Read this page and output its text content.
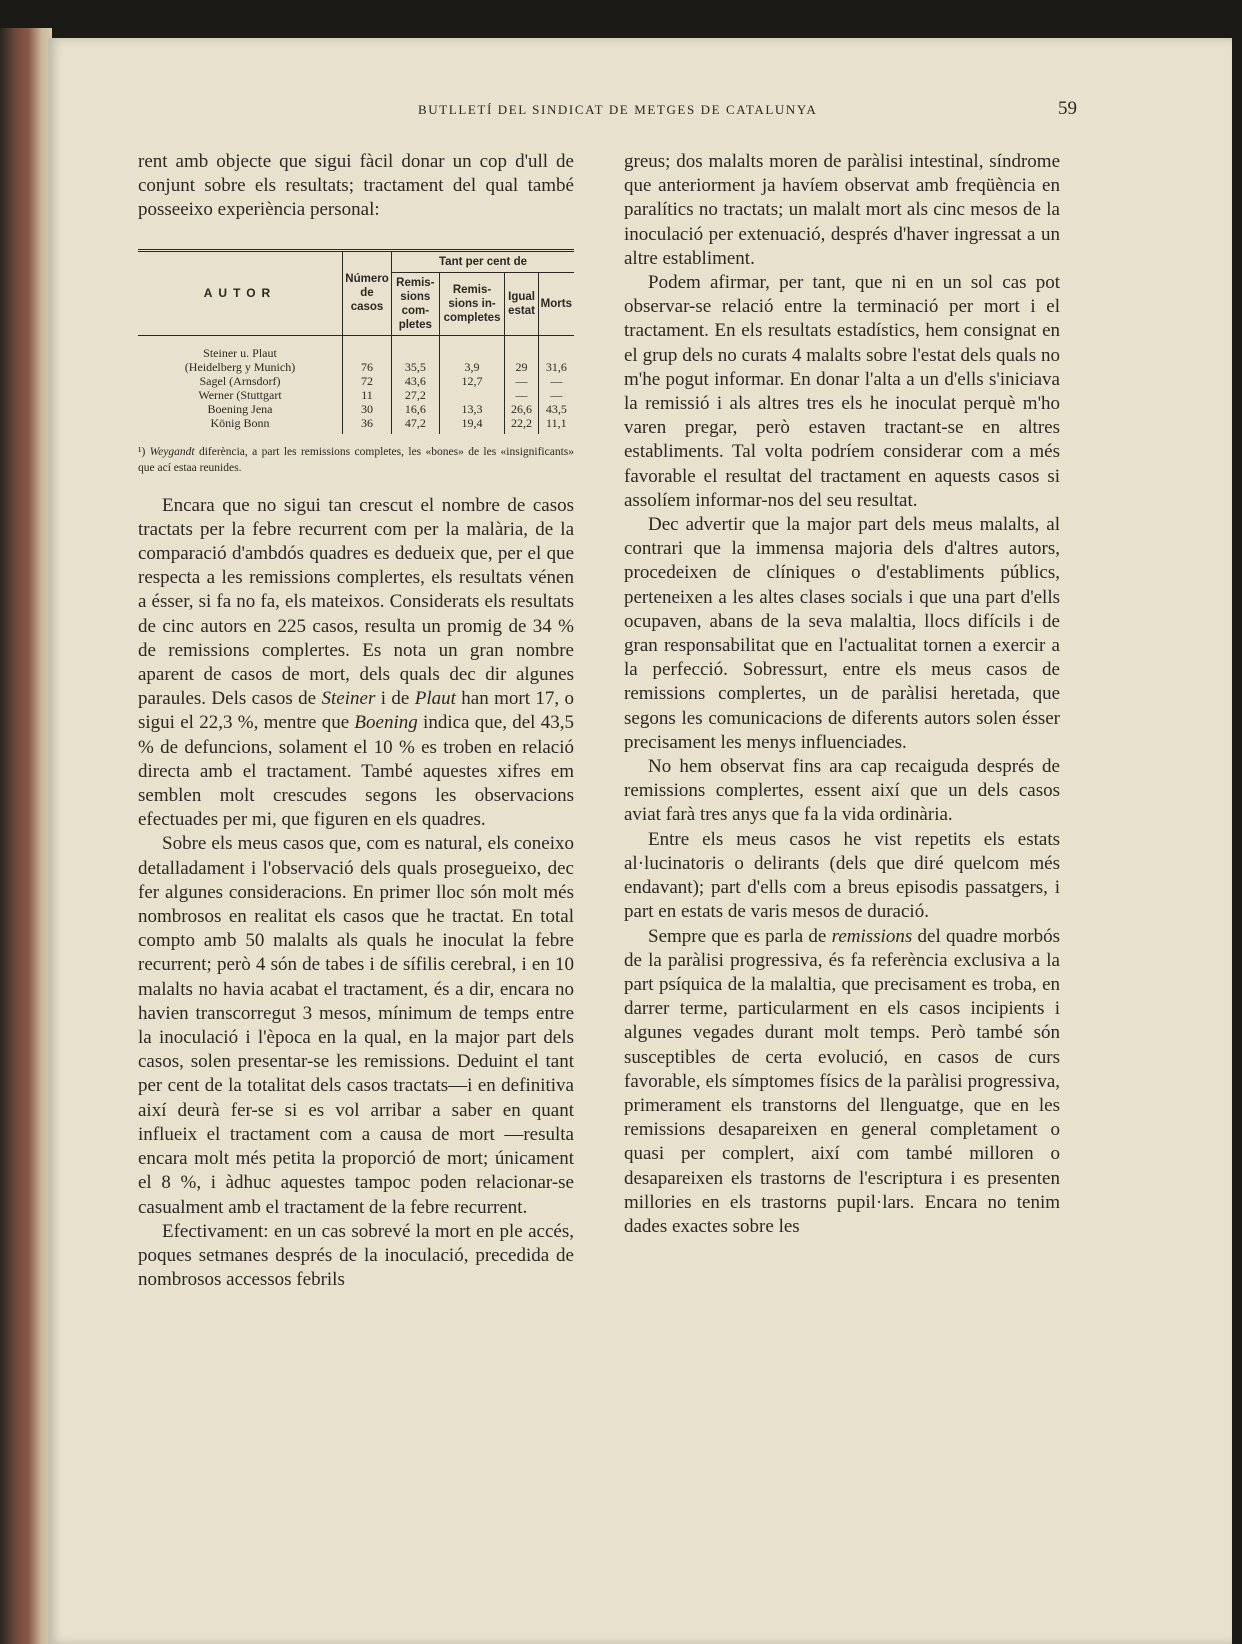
BUTLLETÍ DEL SINDICAT DE METGES DE CATALUNYA	59

rent amb objecte que sigui fàcil donar un cop d'ull de conjunt sobre els resultats; tractament del qual també posseeixo experiència personal:

AUTOR	Número de casos	Tant per cent de			
		Remis-sions com-pletes	Remis-sions in-completes	Igual estat	Morts

Steiner u. Plaut					
(Heidelberg y Munich)	76	35,5	3,9	29	31,6
Sagel (Arnsdorf)	72	43,6	12,7	—	—
Werner (Stuttgart	11	27,2		—	—
Boening Jena	30	16,6	13,3	26,6	43,5
König Bonn	36	47,2	19,4	22,2	11,1

¹) Weygandt diferència, a part les remissions completes, les «bones» de les «insignificants» que ací estaa reunides.

Encara que no sigui tan crescut el nombre de casos tractats per la febre recurrent com per la malària, de la comparació d'ambdós quadres es dedueix que, per el que respecta a les remissions complertes, els resultats vénen a ésser, si fa no fa, els mateixos. Considerats els resultats de cinc autors en 225 casos, resulta un promig de 34 % de remissions complertes. Es nota un gran nombre aparent de casos de mort, dels quals dec dir algunes paraules. Dels casos de Steiner i de Plaut han mort 17, o sigui el 22,3 %, mentre que Boening indica que, del 43,5 % de defuncions, solament el 10 % es troben en relació directa amb el tractament. També aquestes xifres em semblen molt crescudes segons les observacions efectuades per mi, que figuren en els quadres.

Sobre els meus casos que, com es natural, els coneixo detalladament i l'observació dels quals prosegueixo, dec fer algunes consideracions. En primer lloc són molt més nombrosos en realitat els casos que he tractat. En total compto amb 50 malalts als quals he inoculat la febre recurrent; però 4 són de tabes i de sífilis cerebral, i en 10 malalts no havia acabat el tractament, és a dir, encara no havien transcorregut 3 mesos, mínimum de temps entre la inoculació i l'època en la qual, en la major part dels casos, solen presentar-se les remissions. Deduint el tant per cent de la totalitat dels casos tractats—i en definitiva així deurà fer-se si es vol arribar a saber en quant influeix el tractament com a causa de mort —resulta encara molt més petita la proporció de mort; únicament el 8 %, i àdhuc aquestes tampoc poden relacionar-se casualment amb el tractament de la febre recurrent.

Efectivament: en un cas sobrevé la mort en ple accés, poques setmanes després de la inoculació, precedida de nombrosos accessos febrils

greus; dos malalts moren de paràlisi intestinal, síndrome que anteriorment ja havíem observat amb freqüència en paralítics no tractats; un malalt mort als cinc mesos de la inoculació per extenuació, després d'haver ingressat a un altre establiment.

Podem afirmar, per tant, que ni en un sol cas pot observar-se relació entre la terminació per mort i el tractament. En els resultats estadístics, hem consignat en el grup dels no curats 4 malalts sobre l'estat dels quals no m'he pogut informar. En donar l'alta a un d'ells s'iniciava la remissió i als altres tres els he inoculat perquè m'ho varen pregar, però estaven tractant-se en altres establiments. Tal volta podríem considerar com a més favorable el resultat del tractament en aquests casos si assolíem informar-nos del seu resultat.

Dec advertir que la major part dels meus malalts, al contrari que la immensa majoria dels d'altres autors, procedeixen de clíniques o d'establiments públics, perteneixen a les altes clases socials i que una part d'ells ocupaven, abans de la seva malaltia, llocs difícils i de gran responsabilitat que en l'actualitat tornen a exercir a la perfecció. Sobressurt, entre els meus casos de remissions complertes, un de paràlisi heretada, que segons les comunicacions de diferents autors solen ésser precisament les menys influenciades.

No hem observat fins ara cap recaiguda després de remissions complertes, essent així que un dels casos aviat farà tres anys que fa la vida ordinària.

Entre els meus casos he vist repetits els estats al·lucinatoris o delirants (dels que diré quelcom més endavant); part d'ells com a breus episodis passatgers, i part en estats de varis mesos de duració.

Sempre que es parla de remissions del quadre morbós de la paràlisi progressiva, és fa referència exclusiva a la part psíquica de la malaltia, que precisament es troba, en darrer terme, particularment en els casos incipients i algunes vegades durant molt temps. Però també són susceptibles de certa evolució, en casos de curs favorable, els símptomes físics de la paràlisi progressiva, primerament els transtorns del llenguatge, que en les remissions desapareixen en general completament o quasi per complert, així com també milloren o desapareixen els trastorns de l'escriptura i es presenten millories en els trastorns pupil·lars. Encara no tenim dades exactes sobre les
